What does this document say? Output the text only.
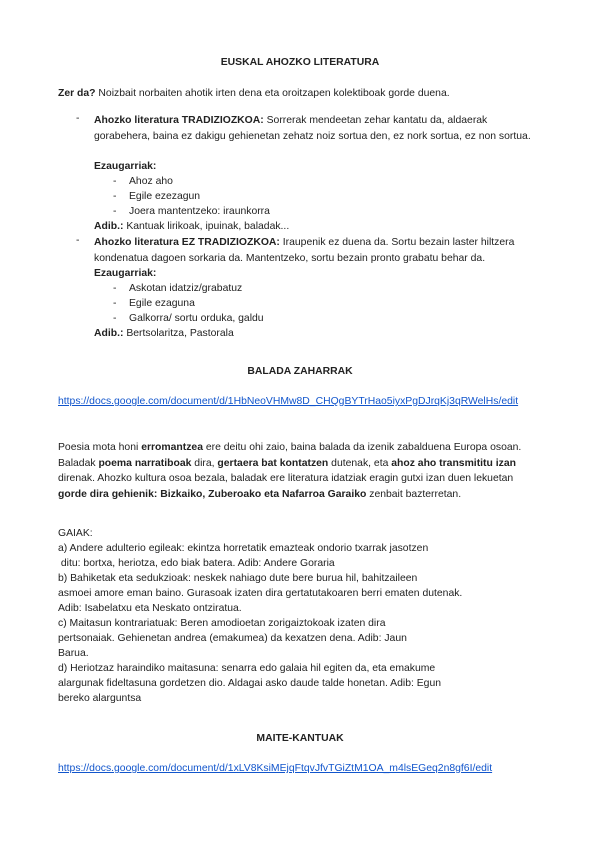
EUSKAL AHOZKO LITERATURA

Zer da? Noizbait norbaiten ahotik irten dena eta oroitzapen kolektiboak gorde duena.

- Ahozko literatura TRADIZIOZKOA: Sorrerak mendeetan zehar kantatu da, aldaerak gorabehera, baina ez dakigu gehienetan zehatz noiz sortua den, ez nork sortua, ez non sortua.

Ezaugarriak:
- Ahoz aho
- Egile ezezagun
- Joera mantentzeko: iraunkorra
Adib.: Kantuak lirikoak, ipuinak, baladak...
- Ahozko literatura EZ TRADIZIOZKOA: Iraupenik ez duena da. Sortu bezain laster hiltzera kondenatua dagoen sorkaria da. Mantentzeko, sortu bezain pronto grabatu behar da.

Ezaugarriak:
- Askotan idatziz/grabatuz
- Egile ezaguna
- Galkorra/ sortu orduka, galdu
Adib.: Bertsolaritza, Pastorala
BALADA ZAHARRAK
https://docs.google.com/document/d/1HbNeoVHMw8D_CHQgBYTrHao5iyxPgDJrqKj3qRWelHs/edit

Poesia mota honi erromantzea ere deitu ohi zaio, baina balada da izenik zabalduena Europa osoan. Baladak poema narratiboak dira, gertaera bat kontatzen dutenak, eta ahoz aho transmititu izan direnak. Ahozko kultura osoa bezala, baladak ere literatura idatziak eragin gutxi izan duen lekuetan gorde dira gehienik: Bizkaiko, Zuberoako eta Nafarroa Garaiko zenbait bazterretan.

GAIAK:
a) Andere adulterio egileak: ekintza horretatik emazteak ondorio txarrak jasotzen
ditu: bortxa, heriotza, edo biak batera. Adib: Andere Goraria
b) Bahiketak eta sedukzioak: neskek nahiago dute bere burua hil, bahitzaileen
asmoei amore eman baino. Gurasoak izaten dira gertatutakoaren berri ematen dutenak.
Adib: Isabelatxu eta Neskato ontziratua.
c) Maitasun kontrariatuak: Beren amodioetan zorigaiztokoak izaten dira
pertsonaiak. Gehienetan andrea (emakumea) da kexatzen dena. Adib: Jaun
Barua.
d) Heriotzaz haraindiko maitasuna: senarra edo galaia hil egiten da, eta emakume
alargunak fideltasuna gordetzen dio. Aldagai asko daude talde honetan. Adib: Egun
bereko alarguntsa
MAITE-KANTUAK
https://docs.google.com/document/d/1xLV8KsiMEjqFtqvJfvTGiZtM1OA_m4lsEGeq2n8gf6I/edit
